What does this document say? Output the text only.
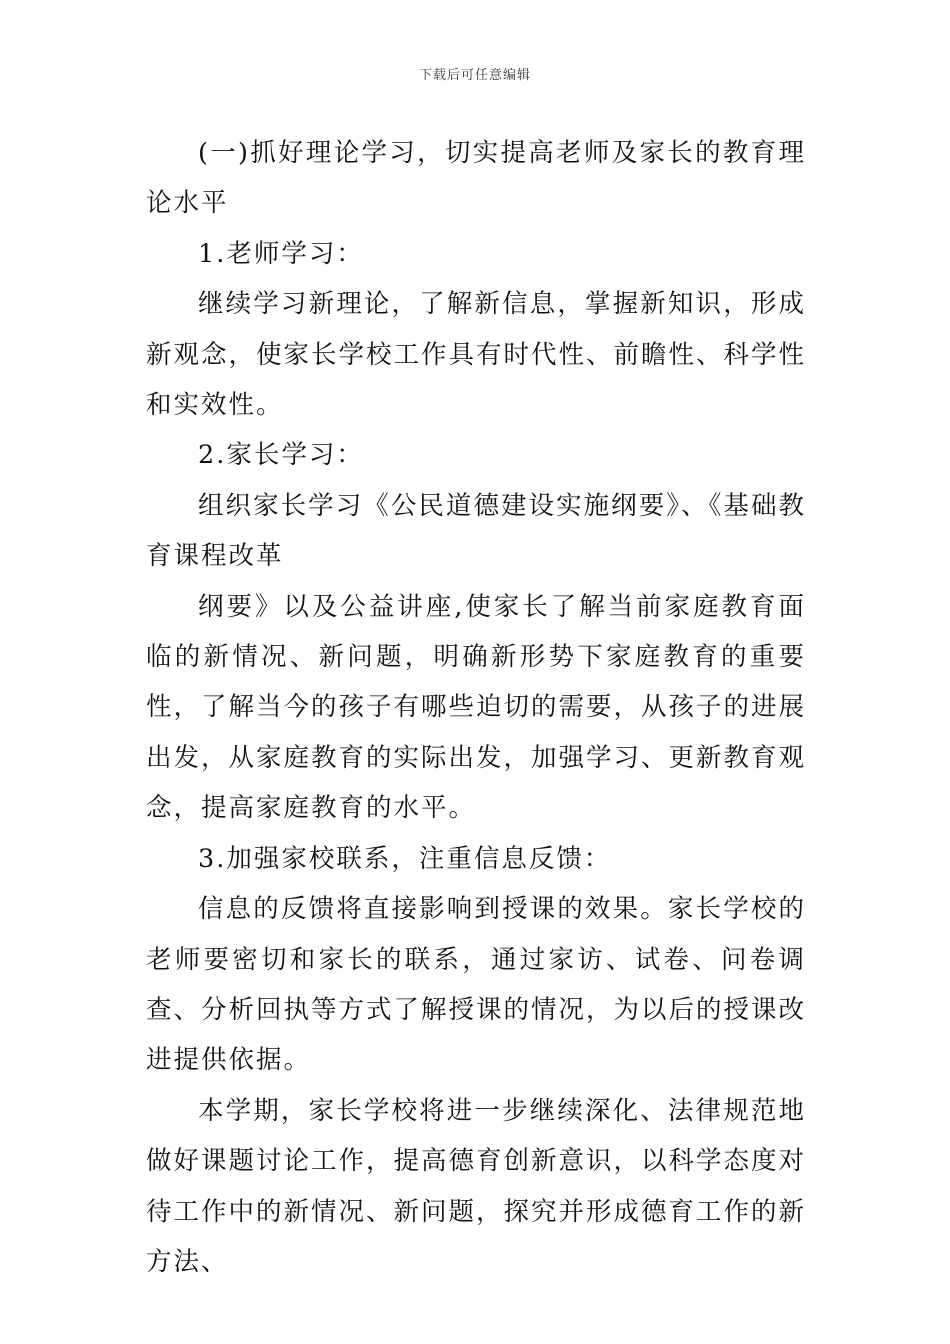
下载后可任意编辑

(一)抓好理论学习，切实提高老师及家长的教育理论水平

1.老师学习：

继续学习新理论，了解新信息，掌握新知识，形成新观念，使家长学校工作具有时代性、前瞻性、科学性和实效性。

2.家长学习：

组织家长学习《公民道德建设实施纲要》、《基础教育课程改革

纲要》以及公益讲座,使家长了解当前家庭教育面临的新情况、新问题，明确新形势下家庭教育的重要性，了解当今的孩子有哪些迫切的需要，从孩子的进展出发，从家庭教育的实际出发，加强学习、更新教育观念，提高家庭教育的水平。

3.加强家校联系，注重信息反馈：

信息的反馈将直接影响到授课的效果。家长学校的老师要密切和家长的联系，通过家访、试卷、问卷调查、分析回执等方式了解授课的情况，为以后的授课改进提供依据。

本学期，家长学校将进一步继续深化、法律规范地做好课题讨论工作，提高德育创新意识，以科学态度对待工作中的新情况、新问题，探究并形成德育工作的新方法、
